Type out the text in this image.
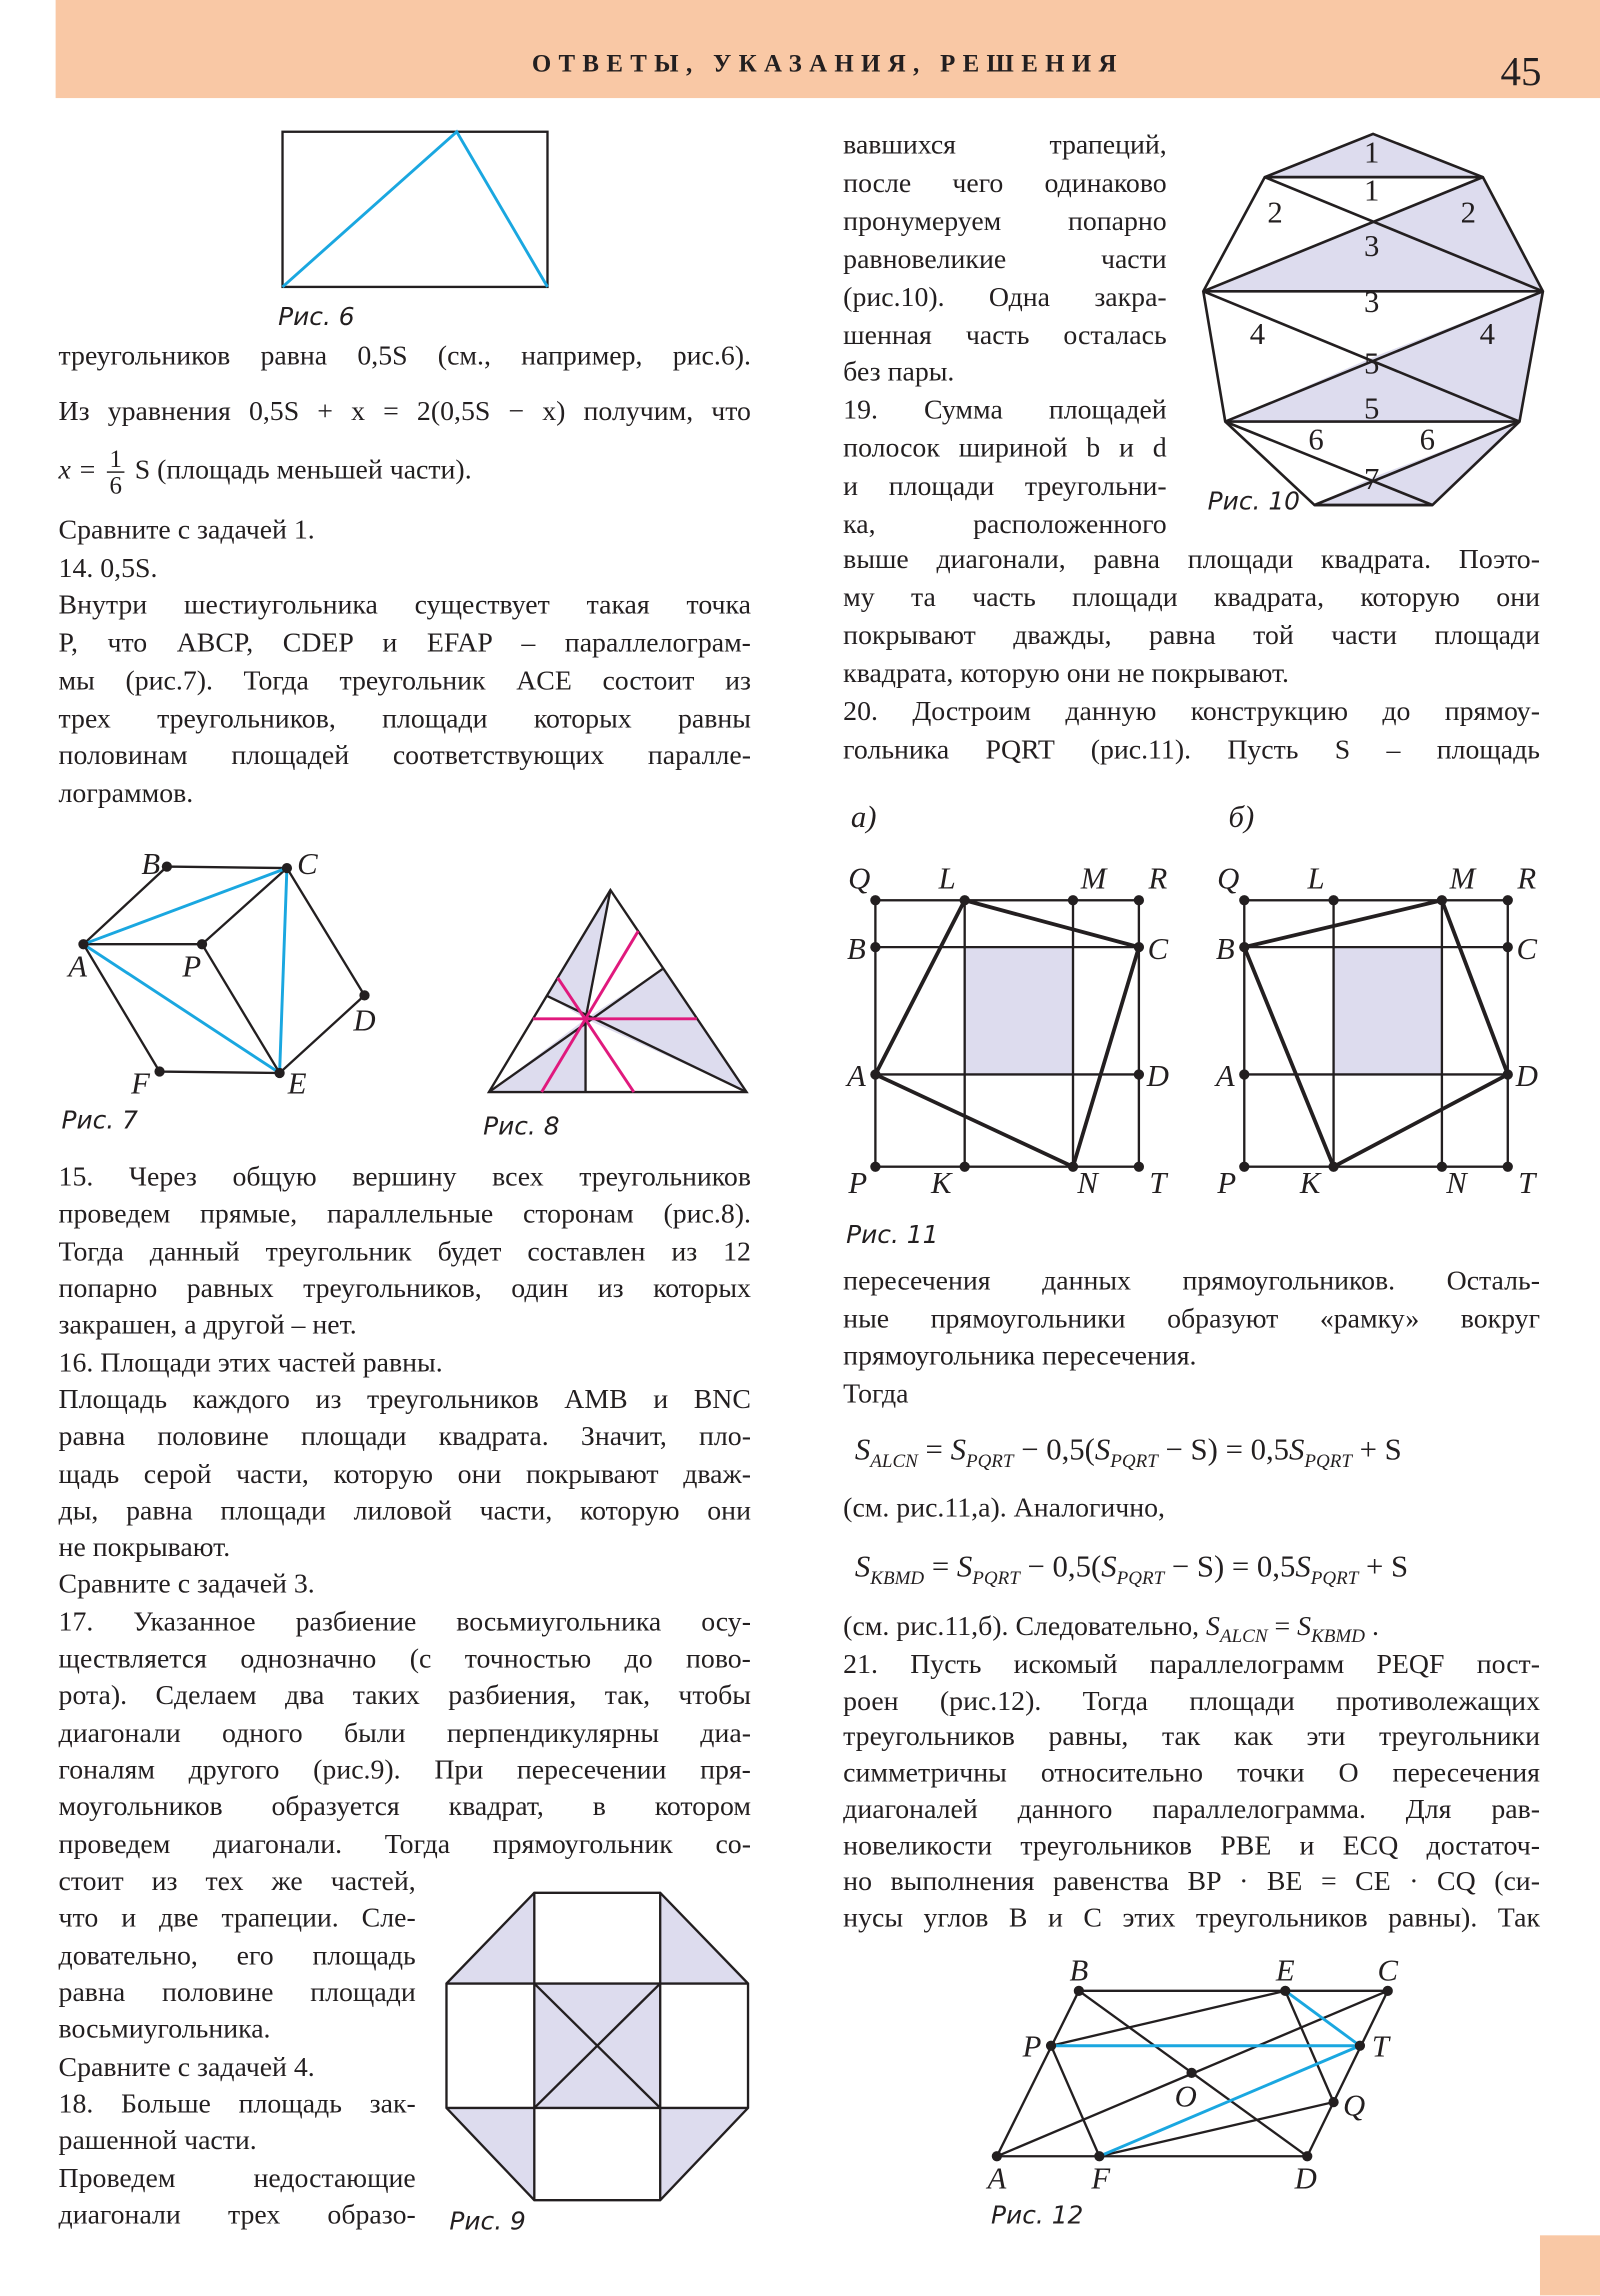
ОТВЕТЫ, УКАЗАНИЯ, РЕШЕНИЯ	45
треугольников равна 0,5S (см., например, рис.6).
Из уравнения 0,5S + x = 2(0,5S − x) получим, что
$x = \frac{1}{6}$ S (площадь меньшей части).
Сравните с задачей 1.
14. 0,5S.
Внутри шестиугольника существует такая точка
P, что ABCP, CDEP и EFAP – параллелограм-
мы (рис.7). Тогда треугольник ACE состоит из
трех треугольников, площади которых равны
половинам площадей соответствующих паралле-
лограммов.
15. Через общую вершину всех треугольников
проведем прямые, параллельные сторонам (рис.8).
Тогда данный треугольник будет составлен из 12
попарно равных треугольников, один из которых
закрашен, а другой – нет.
16. Площади этих частей равны.
Площадь каждого из треугольников AMB и BNC
равна половине площади квадрата. Значит, пло-
щадь серой части, которую они покрывают дваж-
ды, равна площади лиловой части, которую они
не покрывают.
Сравните с задачей 3.
17. Указанное разбиение восьмиугольника осу-
ществляется однозначно (с точностью до пово-
рота). Сделаем два таких разбиения, так, чтобы
диагонали одного были перпендикулярны диа-
гоналям другого (рис.9). При пересечении пря-
моугольников образуется квадрат, в котором
проведем диагонали. Тогда прямоугольник со-
стоит из тех же частей,
что и две трапеции. Сле-
довательно, его площадь
равна половине площади
восьмиугольника.
Сравните с задачей 4.
18. Больше площадь зак-
рашенной части.
Проведем недостающие
диагонали трех образо-
вавшихся трапеций,
после чего одинаково
пронумеруем попарно
равновеликие части
(рис.10). Одна закра-
шенная часть осталась
без пары.
19. Сумма площадей
полосок шириной b и d
и площади треугольни-
ка, расположенного
выше диагонали, равна площади квадрата. Поэто-
му та часть площади квадрата, которую они
покрывают дважды, равна той части площади
квадрата, которую они не покрывают.
20. Достроим данную конструкцию до прямоу-
гольника PQRT (рис.11). Пусть S – площадь
пересечения данных прямоугольников. Осталь-
ные прямоугольники образуют «рамку» вокруг
прямоугольника пересечения.
Тогда
$S_{ALCN} = S_{PQRT} - 0,5(S_{PQRT} - S) = 0,5S_{PQRT} + S$
(см. рис.11,а). Аналогично,
$S_{KBMD} = S_{PQRT} - 0,5(S_{PQRT} - S) = 0,5S_{PQRT} + S$
(см. рис.11,б). Следовательно, $S_{ALCN} = S_{KBMD}$ .
21. Пусть искомый параллелограмм PEQF пост-
роен (рис.12). Тогда площади противолежащих
треугольников равны, так как эти треугольники
симметричны относительно точки O пересечения
диагоналей данного параллелограмма. Для рав-
новеликости треугольников PBE и ECQ достаточ-
но выполнения равенства BP · BE = CE · CQ (си-
нусы углов B и C этих треугольников равны). Так
Рис. 6
B	C
A	P
D
F	E
Рис. 7	Рис. 8
Рис. 9
1
1
2	2
3
3
4	4
5
5
6	6
7
Рис. 10
а)
Q	L	M R
B	C
A	D
P	K	N T
Рис. 11
б)
Q	L	M R
B	C
A	D
P	K	N T
B	E	C
P	T
O	Q
A	F	D
Рис. 12
